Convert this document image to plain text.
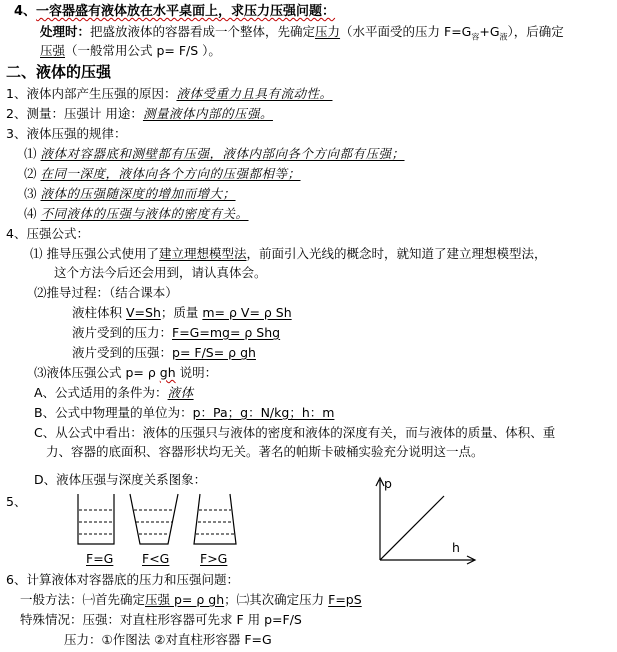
4、一容器盛有液体放在水平桌面上，求压力压强问题：
处理时：把盛放液体的容器看成一个整体，先确定压力（水平面受的压力 $F=G_容+G_液$），后确定
压强（一般常用公式 p= F/S ）。
二、液体的压强
1、液体内部产生压强的原因：液体受重力且具有流动性。
2、测量：压强计 用途：测量液体内部的压强。
3、液体压强的规律：
⑴ 液体对容器底和测壁都有压强，液体内部向各个方向都有压强；
⑵ 在同一深度，液体向各个方向的压强都相等；
⑶ 液体的压强随深度的增加而增大；
⑷ 不同液体的压强与液体的密度有关。
4、压强公式：
⑴ 推导压强公式使用了建立理想模型法，前面引入光线的概念时，就知道了建立理想模型法，
这个方法今后还会用到，请认真体会。
⑵推导过程：（结合课本）
液柱体积 V=Sh；质量 m= ρ V= ρ Sh
液片受到的压力：F=G=mg= ρ Shg
液片受到的压强：p= F/S= ρ gh
⑶液体压强公式 p= ρ gh 说明：
A、公式适用的条件为：液体
B、公式中物理量的单位为：p：Pa；g：N/kg；h：m
C、从公式中看出：液体的压强只与液体的密度和液体的深度有关，而与液体的质量、体积、重
力、容器的底面积、容器形状均无关。著名的帕斯卡破桶实验充分说明这一点。
D、液体压强与深度关系图象：
5、
F=G F<G F>G
p
h
6、计算液体对容器底的压力和压强问题：
一般方法：㈠首先确定压强 p= ρ gh；㈡其次确定压力 F=pS
特殊情况：压强：对直柱形容器可先求 F 用 p=F/S
压力：①作图法 ②对直柱形容器 F=G
